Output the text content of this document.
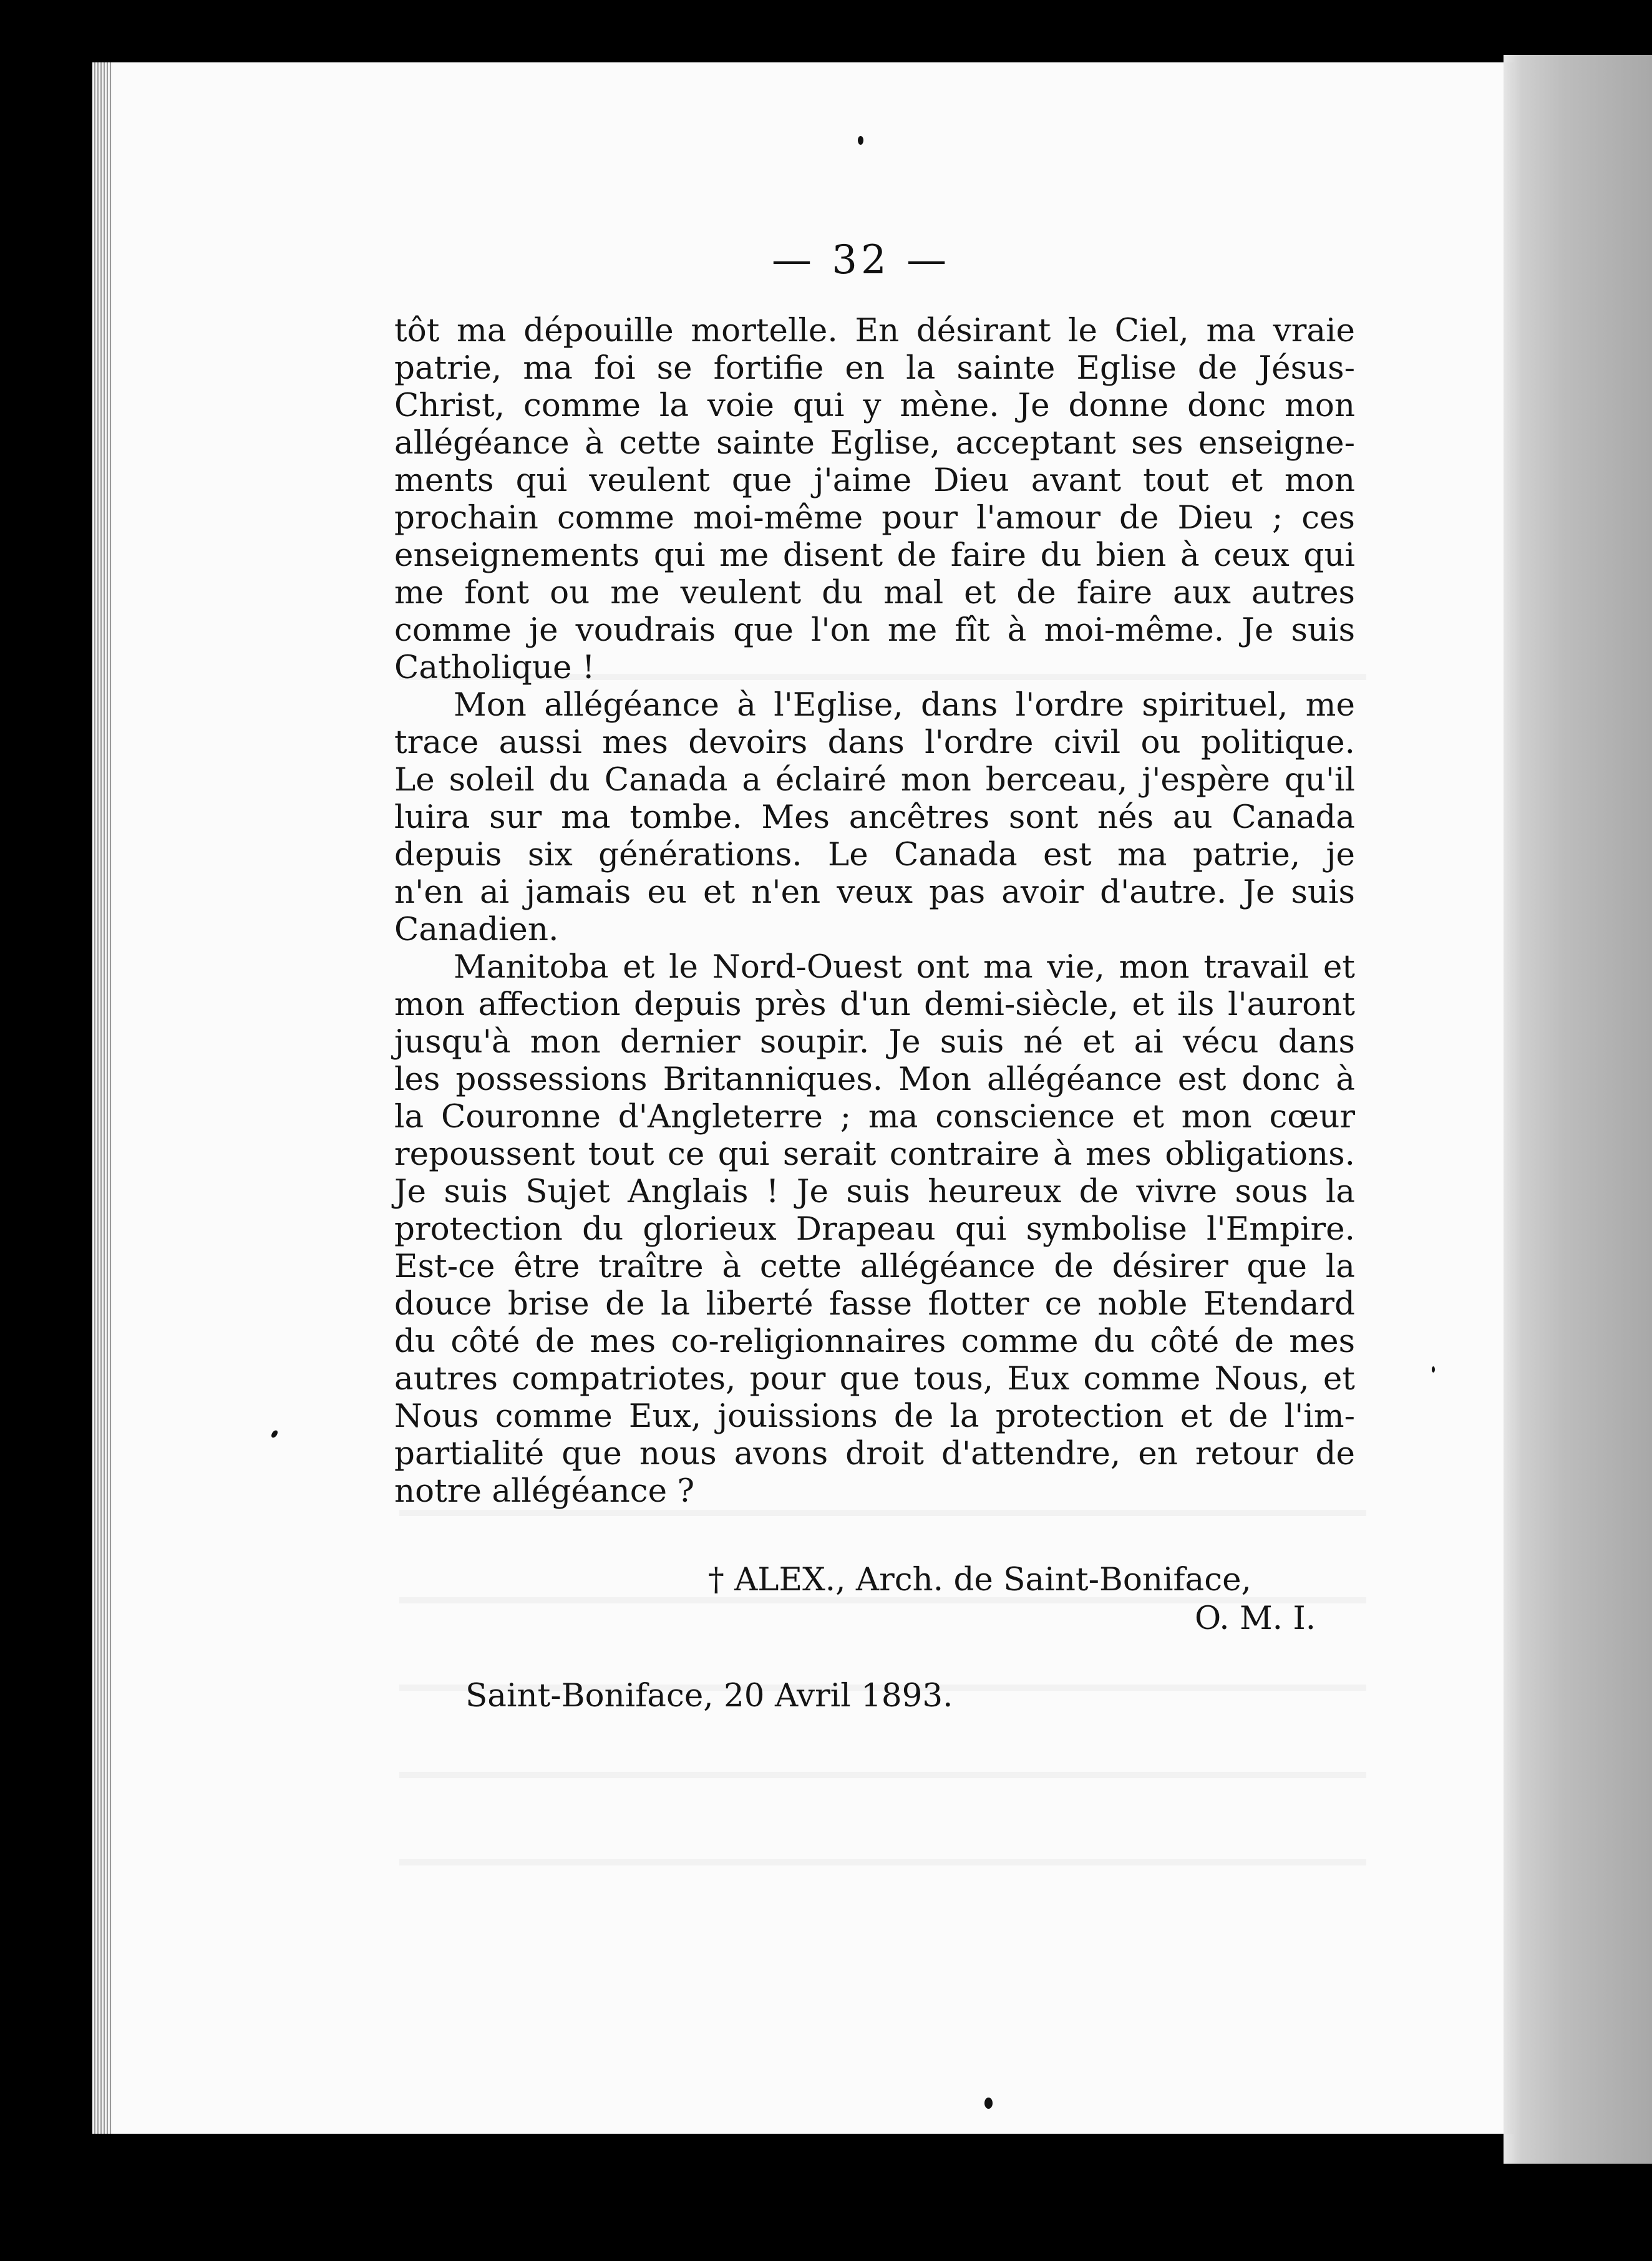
— 32 —
tôt ma dépouille mortelle. En désirant le Ciel, ma vraie
patrie, ma foi se fortifie en la sainte Eglise de Jésus-
Christ, comme la voie qui y mène. Je donne donc mon
allégéance à cette sainte Eglise, acceptant ses enseigne-
ments qui veulent que j'aime Dieu avant tout et mon
prochain comme moi-même pour l'amour de Dieu ; ces
enseignements qui me disent de faire du bien à ceux qui
me font ou me veulent du mal et de faire aux autres
comme je voudrais que l'on me fît à moi-même. Je suis
Catholique !
Mon allégéance à l'Eglise, dans l'ordre spirituel, me
trace aussi mes devoirs dans l'ordre civil ou politique.
Le soleil du Canada a éclairé mon berceau, j'espère qu'il
luira sur ma tombe. Mes ancêtres sont nés au Canada
depuis six générations. Le Canada est ma patrie, je
n'en ai jamais eu et n'en veux pas avoir d'autre. Je suis
Canadien.
Manitoba et le Nord-Ouest ont ma vie, mon travail et
mon affection depuis près d'un demi-siècle, et ils l'auront
jusqu'à mon dernier soupir. Je suis né et ai vécu dans
les possessions Britanniques. Mon allégéance est donc à
la Couronne d'Angleterre ; ma conscience et mon cœur
repoussent tout ce qui serait contraire à mes obligations.
Je suis Sujet Anglais ! Je suis heureux de vivre sous la
protection du glorieux Drapeau qui symbolise l'Empire.
Est-ce être traître à cette allégéance de désirer que la
douce brise de la liberté fasse flotter ce noble Etendard
du côté de mes co-religionnaires comme du côté de mes
autres compatriotes, pour que tous, Eux comme Nous, et
Nous comme Eux, jouissions de la protection et de l'im-
partialité que nous avons droit d'attendre, en retour de
notre allégéance ?
† ALEX., Arch. de Saint-Boniface,
O. M. I.
Saint-Boniface, 20 Avril 1893.
